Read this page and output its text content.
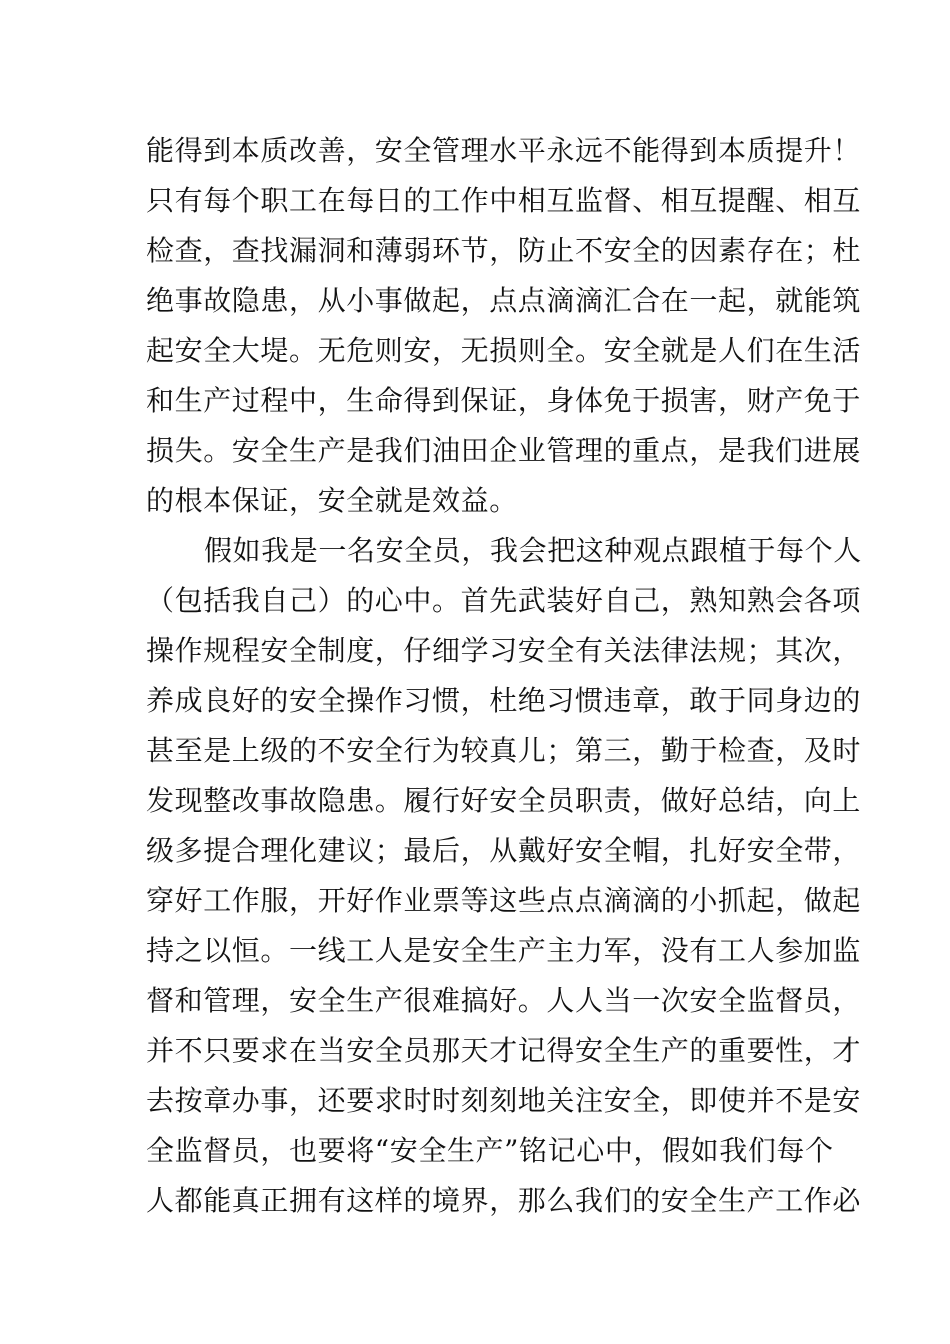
能得到本质改善，安全管理水平永远不能得到本质提升！
只有每个职工在每日的工作中相互监督、相互提醒、相互
检查，查找漏洞和薄弱环节，防止不安全的因素存在；杜
绝事故隐患，从小事做起，点点滴滴汇合在一起，就能筑
起安全大堤。无危则安，无损则全。安全就是人们在生活
和生产过程中，生命得到保证，身体免于损害，财产免于
损失。安全生产是我们油田企业管理的重点，是我们进展
的根本保证，安全就是效益。
假如我是一名安全员，我会把这种观点跟植于每个人
（包括我自己）的心中。首先武装好自己，熟知熟会各项
操作规程安全制度，仔细学习安全有关法律法规；其次，
养成良好的安全操作习惯，杜绝习惯违章，敢于同身边的
甚至是上级的不安全行为较真儿；第三，勤于检查，及时
发现整改事故隐患。履行好安全员职责，做好总结，向上
级多提合理化建议；最后，从戴好安全帽，扎好安全带，
穿好工作服，开好作业票等这些点点滴滴的小抓起，做起
持之以恒。一线工人是安全生产主力军，没有工人参加监
督和管理，安全生产很难搞好。人人当一次安全监督员，
并不只要求在当安全员那天才记得安全生产的重要性，才
去按章办事，还要求时时刻刻地关注安全，即使并不是安
全监督员，也要将“安全生产”铭记心中，假如我们每个
人都能真正拥有这样的境界，那么我们的安全生产工作必
